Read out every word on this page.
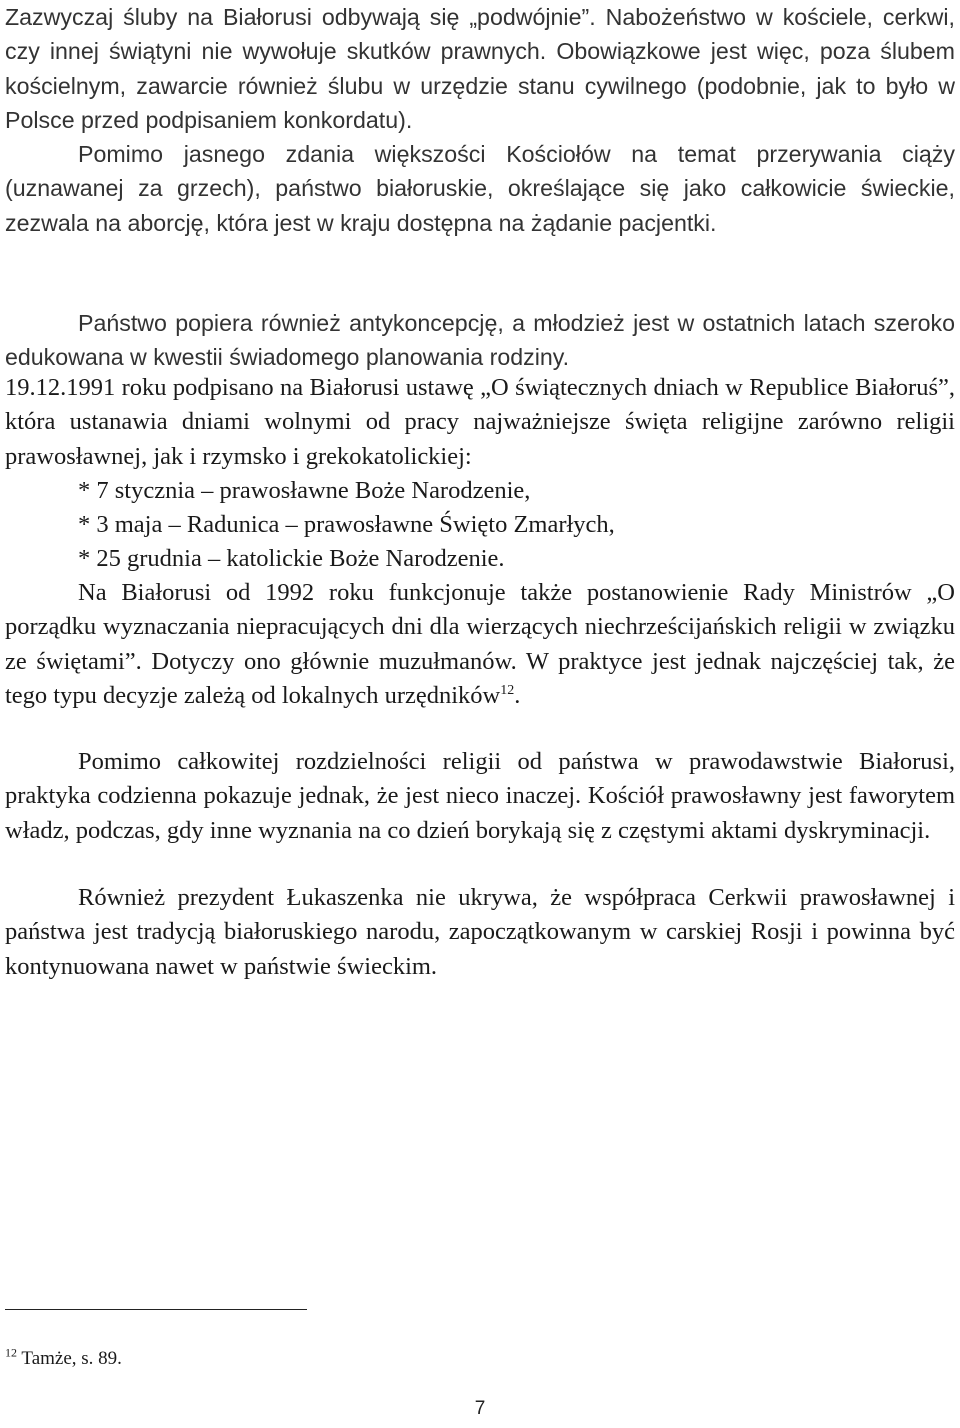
Zazwyczaj śluby na Białorusi odbywają się „podwójnie”. Nabożeństwo w kościele, cerkwi, czy innej świątyni nie wywołuje skutków prawnych. Obowiązkowe jest więc, poza ślubem kościelnym, zawarcie również ślubu w urzędzie stanu cywilnego (podobnie, jak to było w Polsce przed podpisaniem konkordatu).
Pomimo jasnego zdania większości Kościołów na temat przerywania ciąży (uznawanej za grzech), państwo białoruskie, określające się jako całkowicie świeckie, zezwala na aborcję, która jest w kraju dostępna na żądanie pacjentki.
Państwo popiera również antykoncepcję, a młodzież jest w ostatnich latach szeroko edukowana w kwestii świadomego planowania rodziny.
19.12.1991 roku podpisano na Białorusi ustawę „O świątecznych dniach w Republice Białoruś”, która ustanawia dniami wolnymi od pracy najważniejsze święta religijne zarówno religii prawosławnej, jak i rzymsko i grekokatolickiej:
* 7 stycznia – prawosławne Boże Narodzenie,
* 3 maja – Radunica – prawosławne Święto Zmarłych,
* 25 grudnia – katolickie Boże Narodzenie.
Na Białorusi od 1992 roku funkcjonuje także postanowienie Rady Ministrów „O porządku wyznaczania niepracujących dni dla wierzących niechrześcijańskich religii w związku ze świętami”. Dotyczy ono głównie muzułmanów. W praktyce jest jednak najczęściej tak, że tego typu decyzje zależą od lokalnych urzędników$^{12}$.
Pomimo całkowitej rozdzielności religii od państwa w prawodawstwie Białorusi, praktyka codzienna pokazuje jednak, że jest nieco inaczej. Kościół prawosławny jest faworytem władz, podczas, gdy inne wyznania na co dzień borykają się z częstymi aktami dyskryminacji.
Również prezydent Łukaszenka nie ukrywa, że współpraca Cerkwii prawosławnej i państwa jest tradycją białoruskiego narodu, zapoczątkowanym w carskiej Rosji i powinna być kontynuowana nawet w państwie świeckim.
$^{12}$ Tamże, s. 89.
7
